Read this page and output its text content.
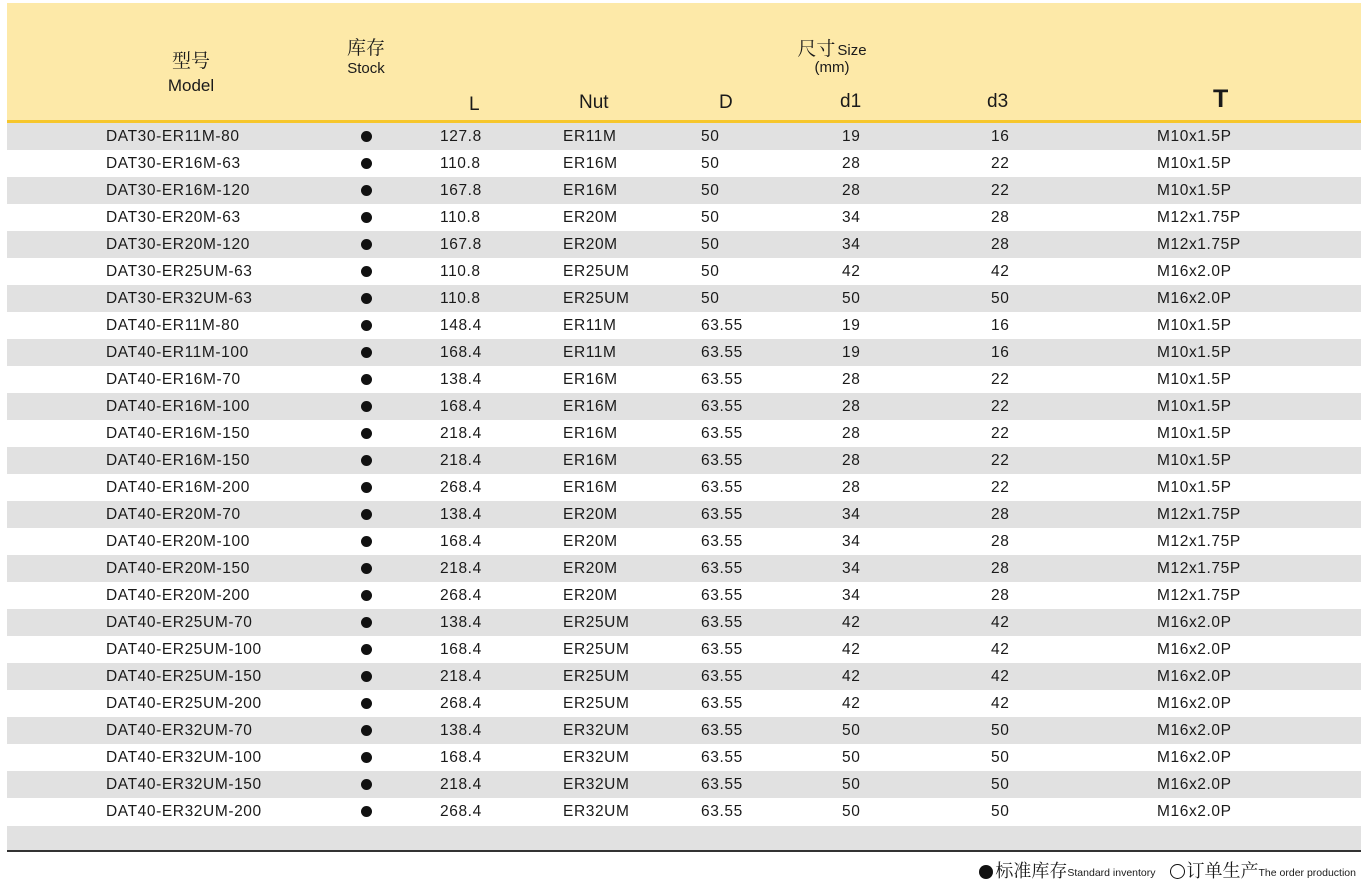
型号
Model
库存
Stock
尺寸 Size
(mm)
L	Nut	D	d1	d3	T
DAT30-ER11M-80	127.8	ER11M	50	19	16	M10x1.5P
DAT30-ER16M-63	110.8	ER16M	50	28	22	M10x1.5P
DAT30-ER16M-120	167.8	ER16M	50	28	22	M10x1.5P
DAT30-ER20M-63	110.8	ER20M	50	34	28	M12x1.75P
DAT30-ER20M-120	167.8	ER20M	50	34	28	M12x1.75P
DAT30-ER25UM-63	110.8	ER25UM	50	42	42	M16x2.0P
DAT30-ER32UM-63	110.8	ER25UM	50	50	50	M16x2.0P
DAT40-ER11M-80	148.4	ER11M	63.55	19	16	M10x1.5P
DAT40-ER11M-100	168.4	ER11M	63.55	19	16	M10x1.5P
DAT40-ER16M-70	138.4	ER16M	63.55	28	22	M10x1.5P
DAT40-ER16M-100	168.4	ER16M	63.55	28	22	M10x1.5P
DAT40-ER16M-150	218.4	ER16M	63.55	28	22	M10x1.5P
DAT40-ER16M-150	218.4	ER16M	63.55	28	22	M10x1.5P
DAT40-ER16M-200	268.4	ER16M	63.55	28	22	M10x1.5P
DAT40-ER20M-70	138.4	ER20M	63.55	34	28	M12x1.75P
DAT40-ER20M-100	168.4	ER20M	63.55	34	28	M12x1.75P
DAT40-ER20M-150	218.4	ER20M	63.55	34	28	M12x1.75P
DAT40-ER20M-200	268.4	ER20M	63.55	34	28	M12x1.75P
DAT40-ER25UM-70	138.4	ER25UM	63.55	42	42	M16x2.0P
DAT40-ER25UM-100	168.4	ER25UM	63.55	42	42	M16x2.0P
DAT40-ER25UM-150	218.4	ER25UM	63.55	42	42	M16x2.0P
DAT40-ER25UM-200	268.4	ER25UM	63.55	42	42	M16x2.0P
DAT40-ER32UM-70	138.4	ER32UM	63.55	50	50	M16x2.0P
DAT40-ER32UM-100	168.4	ER32UM	63.55	50	50	M16x2.0P
DAT40-ER32UM-150	218.4	ER32UM	63.55	50	50	M16x2.0P
DAT40-ER32UM-200	268.4	ER32UM	63.55	50	50	M16x2.0P
标准库存 Standard inventory 订单生产 The order production
